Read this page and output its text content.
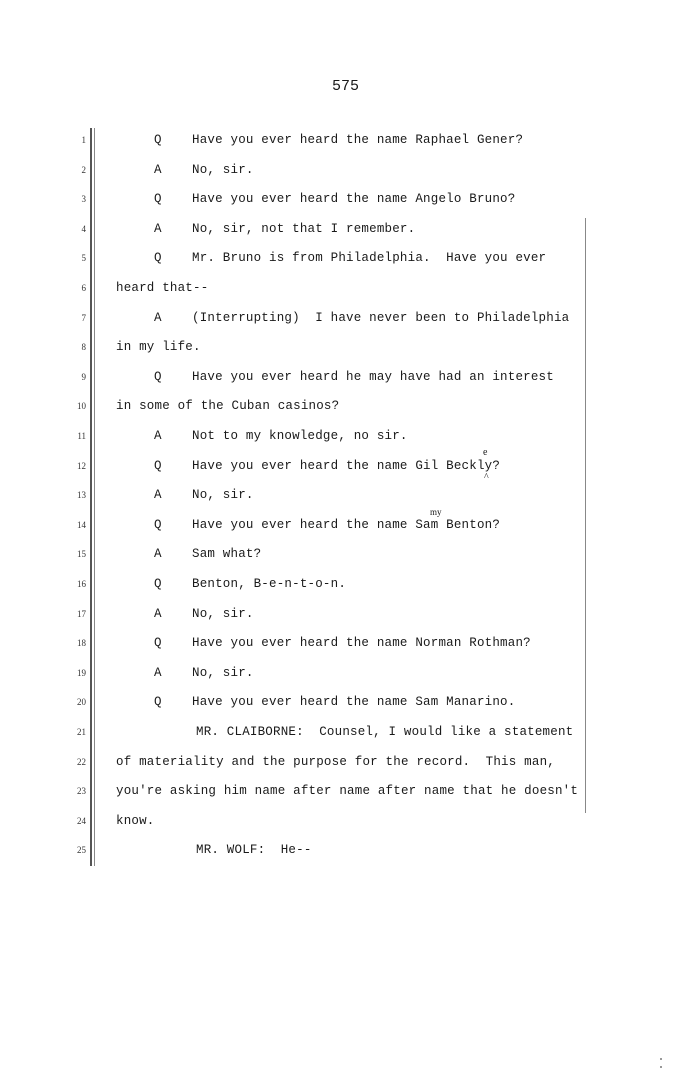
575
1	Q Have you ever heard the name Raphael Gener?
2	A No, sir.
3	Q Have you ever heard the name Angelo Bruno?
4	A No, sir, not that I remember.
5	Q Mr. Bruno is from Philadelphia.  Have you ever
6 heard that--
7	A (Interrupting)  I have never been to Philadelphia
8 in my life.
9	Q Have you ever heard he may have had an interest
10 in some of the Cuban casinos?
11	A Not to my knowledge, no sir.
12	Q Have you ever heard the name Gil Beckly?
13	A No, sir.
14	Q Have you ever heard the name Sam Benton?
15	A Sam what?
16	Q Benton, B-e-n-t-o-n.
17	A No, sir.
18	Q Have you ever heard the name Norman Rothman?
19	A No, sir.
20	Q Have you ever heard the name Sam Manarino.
21	MR. CLAIBORNE:  Counsel, I would like a statement
22 of materiality and the purpose for the record.  This man,
23 you're asking him name after name after name that he doesn't
24 know.
25	MR. WOLF:  He--
e
^
my
